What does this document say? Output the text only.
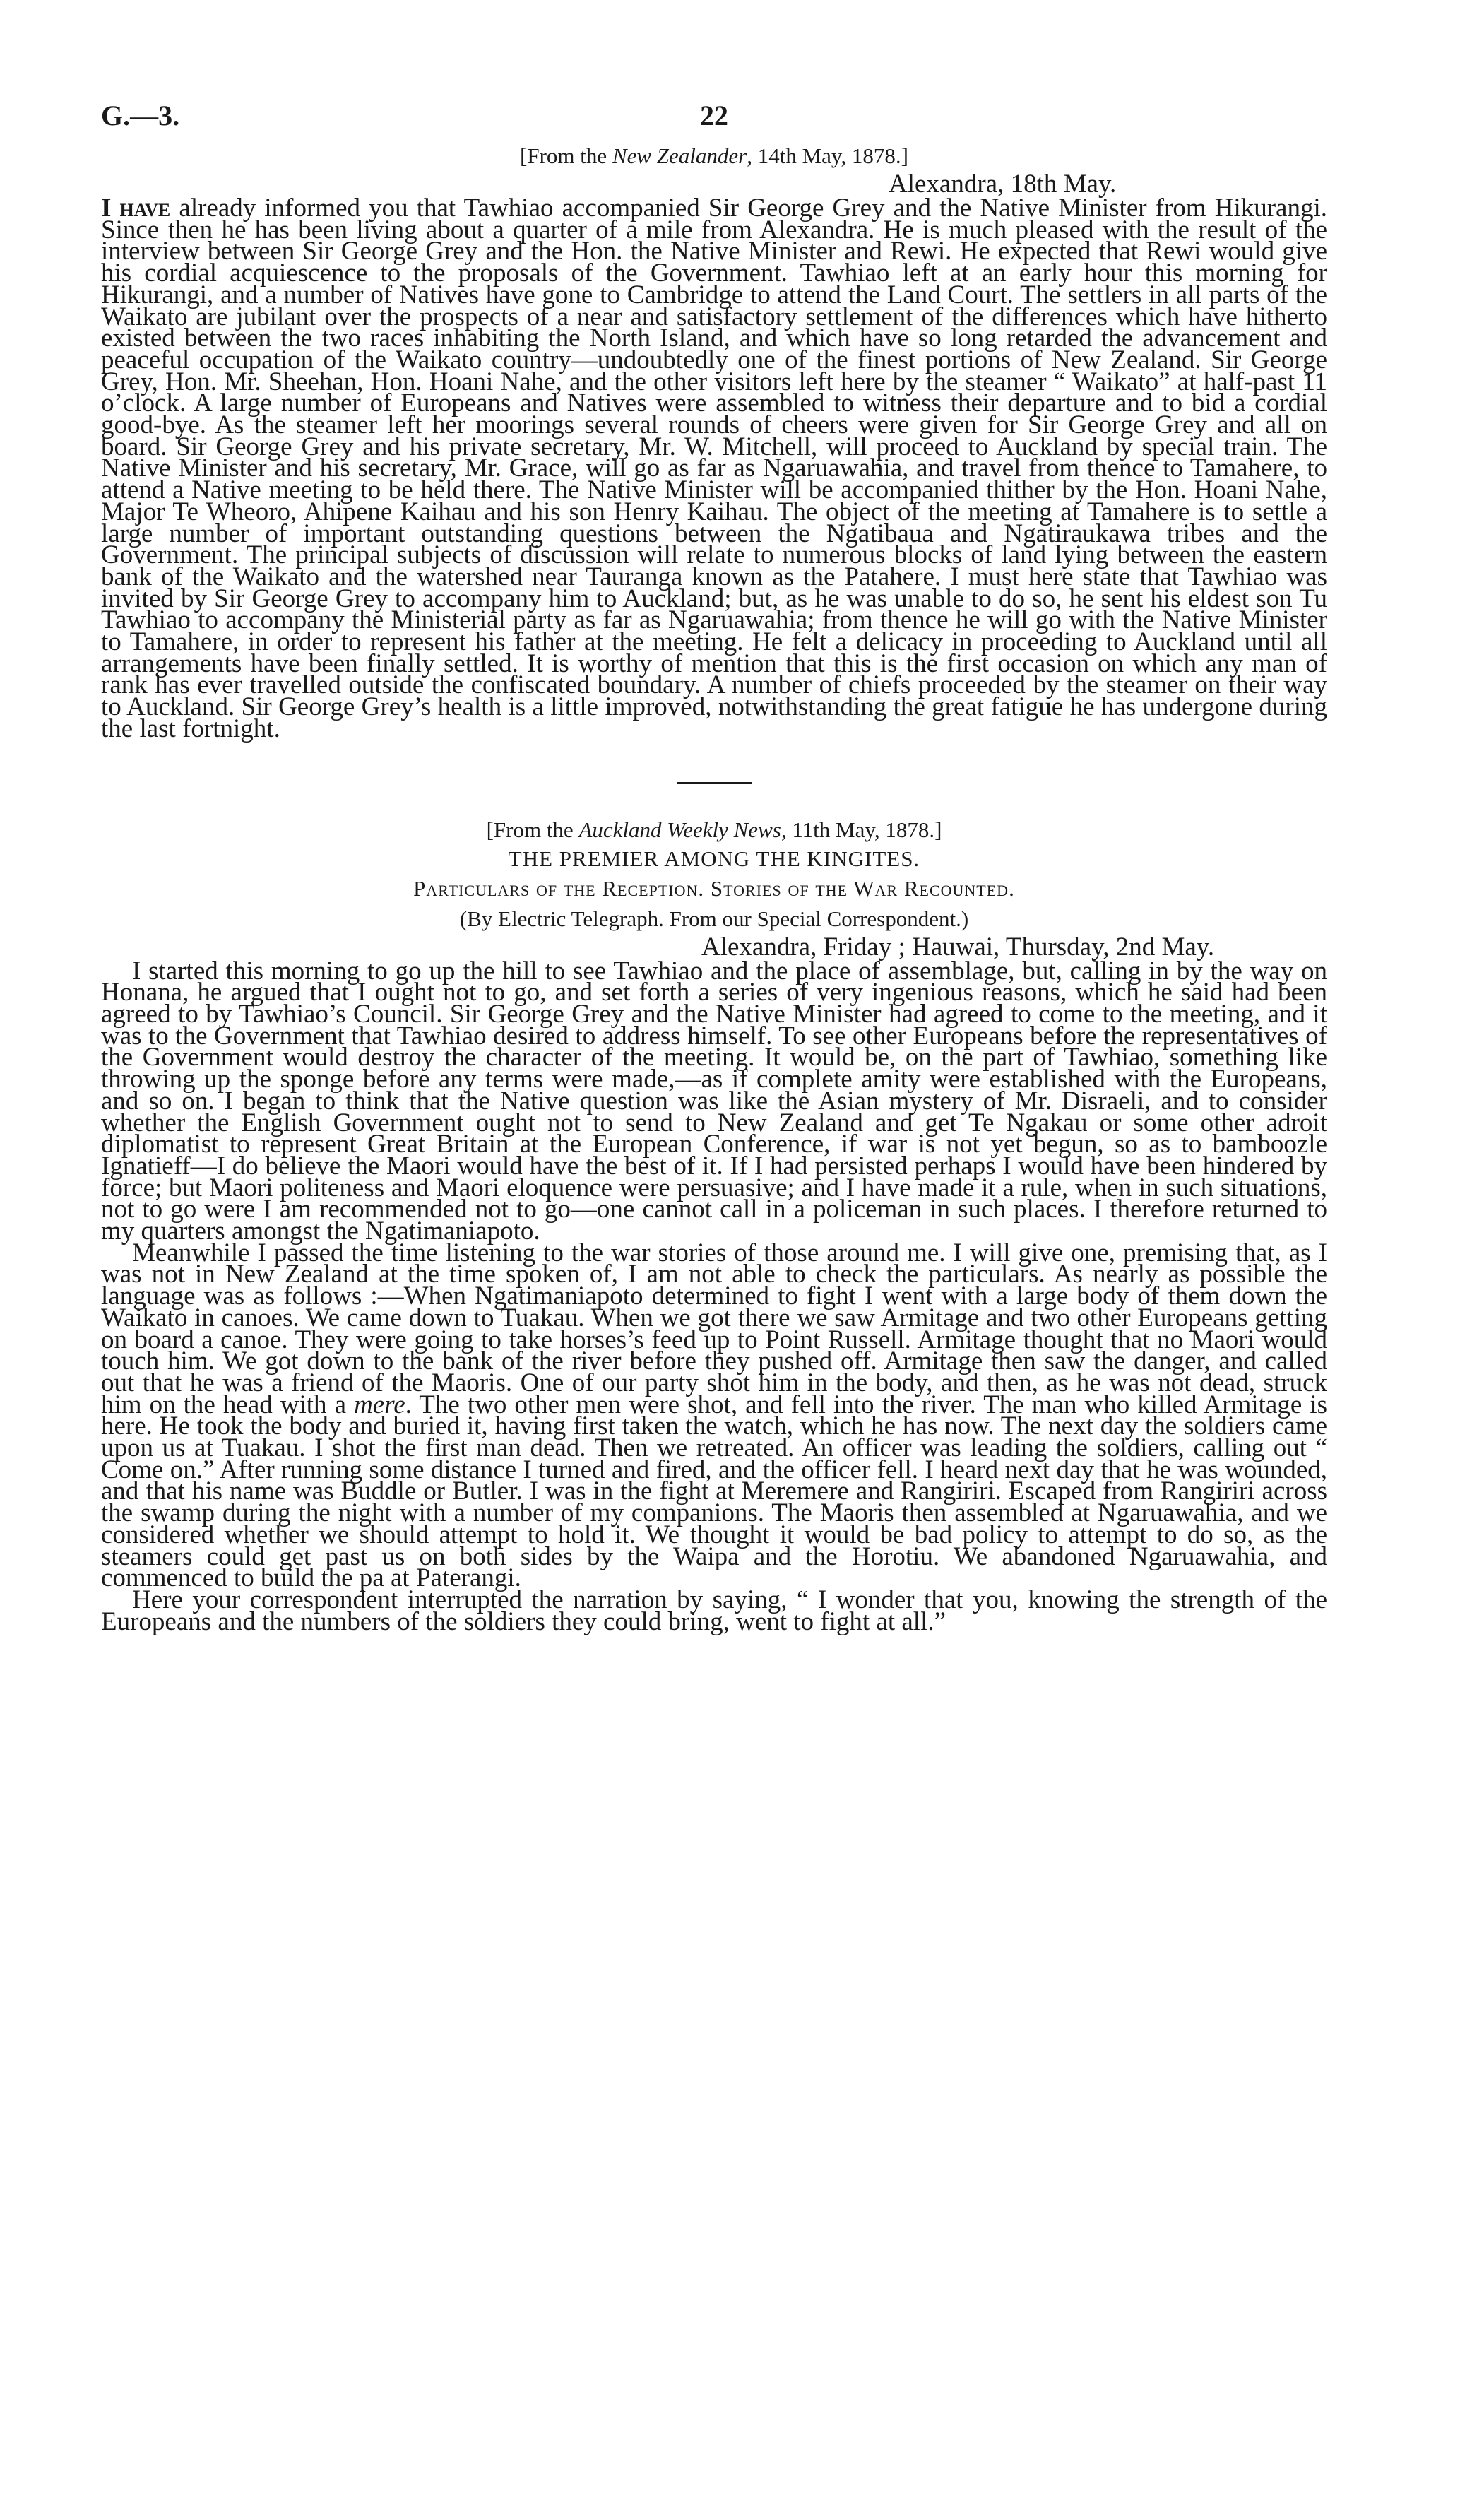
G.—3.	22

[From the New Zealander, 14th May, 1878.]

Alexandra, 18th May.

I have already informed you that Tawhiao accompanied Sir George Grey and the Native Minister from Hikurangi. Since then he has been living about a quarter of a mile from Alexandra. He is much pleased with the result of the interview between Sir George Grey and the Hon. the Native Minister and Rewi. He expected that Rewi would give his cordial acquiescence to the proposals of the Government. Tawhiao left at an early hour this morning for Hikurangi, and a number of Natives have gone to Cambridge to attend the Land Court. The settlers in all parts of the Waikato are jubilant over the prospects of a near and satisfactory settlement of the differences which have hitherto existed between the two races inhabiting the North Island, and which have so long retarded the advancement and peaceful occupation of the Waikato country—undoubtedly one of the finest portions of New Zealand. Sir George Grey, Hon. Mr. Sheehan, Hon. Hoani Nahe, and the other visitors left here by the steamer “ Waikato” at half-past 11 o’clock. A large number of Europeans and Natives were assembled to witness their departure and to bid a cordial good-bye. As the steamer left her moorings several rounds of cheers were given for Sir George Grey and all on board. Sir George Grey and his private secretary, Mr. W. Mitchell, will proceed to Auckland by special train. The Native Minister and his secretary, Mr. Grace, will go as far as Ngaruawahia, and travel from thence to Tamahere, to attend a Native meeting to be held there. The Native Minister will be accompanied thither by the Hon. Hoani Nahe, Major Te Wheoro, Ahipene Kaihau and his son Henry Kaihau. The object of the meeting at Tamahere is to settle a large number of important outstanding questions between the Ngatibaua and Ngatiraukawa tribes and the Government. The principal subjects of discussion will relate to numerous blocks of land lying between the eastern bank of the Waikato and the watershed near Tauranga known as the Patahere. I must here state that Tawhiao was invited by Sir George Grey to accompany him to Auckland; but, as he was unable to do so, he sent his eldest son Tu Tawhiao to accompany the Ministerial party as far as Ngaruawahia; from thence he will go with the Native Minister to Tamahere, in order to represent his father at the meeting. He felt a delicacy in proceeding to Auckland until all arrangements have been finally settled. It is worthy of mention that this is the first occasion on which any man of rank has ever travelled outside the confiscated boundary. A number of chiefs proceeded by the steamer on their way to Auckland. Sir George Grey’s health is a little improved, notwithstanding the great fatigue he has undergone during the last fortnight.

[From the Auckland Weekly News, 11th May, 1878.]

THE PREMIER AMONG THE KINGITES.

Particulars of the Reception. Stories of the War Recounted.

(By Electric Telegraph. From our Special Correspondent.)

Alexandra, Friday ; Hauwai, Thursday, 2nd May.

I started this morning to go up the hill to see Tawhiao and the place of assemblage, but, calling in by the way on Honana, he argued that I ought not to go, and set forth a series of very ingenious reasons, which he said had been agreed to by Tawhiao’s Council. Sir George Grey and the Native Minister had agreed to come to the meeting, and it was to the Government that Tawhiao desired to address himself. To see other Europeans before the representatives of the Government would destroy the character of the meeting. It would be, on the part of Tawhiao, something like throwing up the sponge before any terms were made,—as if complete amity were established with the Europeans, and so on. I began to think that the Native question was like the Asian mystery of Mr. Disraeli, and to consider whether the English Government ought not to send to New Zealand and get Te Ngakau or some other adroit diplomatist to represent Great Britain at the European Conference, if war is not yet begun, so as to bamboozle Ignatieff—I do believe the Maori would have the best of it. If I had persisted perhaps I would have been hindered by force; but Maori politeness and Maori eloquence were persuasive; and I have made it a rule, when in such situations, not to go were I am recommended not to go—one cannot call in a policeman in such places. I therefore returned to my quarters amongst the Ngatimaniapoto.

Meanwhile I passed the time listening to the war stories of those around me. I will give one, premising that, as I was not in New Zealand at the time spoken of, I am not able to check the particulars. As nearly as possible the language was as follows :—When Ngatimaniapoto determined to fight I went with a large body of them down the Waikato in canoes. We came down to Tuakau. When we got there we saw Armitage and two other Europeans getting on board a canoe. They were going to take horses’s feed up to Point Russell. Armitage thought that no Maori would touch him. We got down to the bank of the river before they pushed off. Armitage then saw the danger, and called out that he was a friend of the Maoris. One of our party shot him in the body, and then, as he was not dead, struck him on the head with a mere. The two other men were shot, and fell into the river. The man who killed Armitage is here. He took the body and buried it, having first taken the watch, which he has now. The next day the soldiers came upon us at Tuakau. I shot the first man dead. Then we retreated. An officer was leading the soldiers, calling out “ Come on.” After running some distance I turned and fired, and the officer fell. I heard next day that he was wounded, and that his name was Buddle or Butler. I was in the fight at Meremere and Rangiriri. Escaped from Rangiriri across the swamp during the night with a number of my companions. The Maoris then assembled at Ngaruawahia, and we considered whether we should attempt to hold it. We thought it would be bad policy to attempt to do so, as the steamers could get past us on both sides by the Waipa and the Horotiu. We abandoned Ngaruawahia, and commenced to build the pa at Paterangi.

Here your correspondent interrupted the narration by saying, “ I wonder that you, knowing the strength of the Europeans and the numbers of the soldiers they could bring, went to fight at all.”
